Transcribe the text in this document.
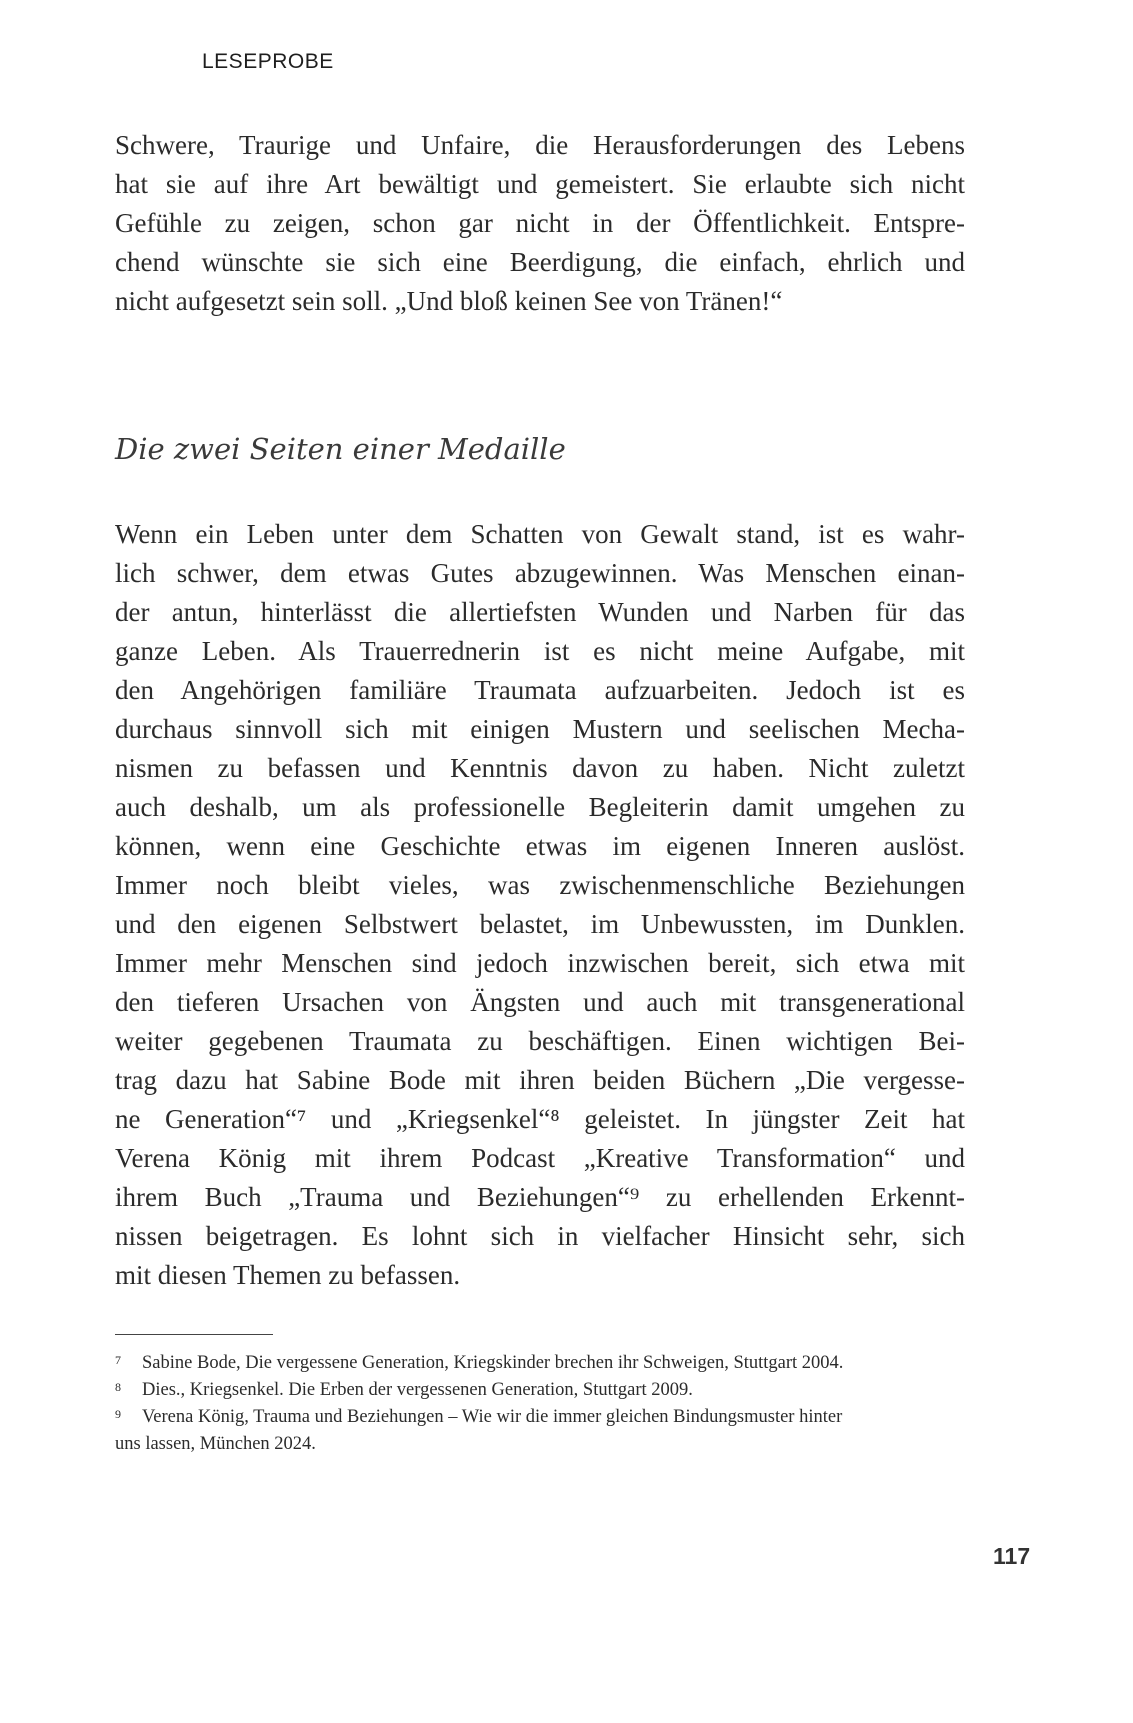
LESEPROBE
Schwere, Traurige und Unfaire, die Herausforderungen des Lebens
hat sie auf ihre Art bewältigt und gemeistert. Sie erlaubte sich nicht
Gefühle zu zeigen, schon gar nicht in der Öffentlichkeit. Entspre-
chend wünschte sie sich eine Beerdigung, die einfach, ehrlich und
nicht aufgesetzt sein soll. „Und bloß keinen See von Tränen!“
Die zwei Seiten einer Medaille
Wenn ein Leben unter dem Schatten von Gewalt stand, ist es wahr-
lich schwer, dem etwas Gutes abzugewinnen. Was Menschen einan-
der antun, hinterlässt die allertiefsten Wunden und Narben für das
ganze Leben. Als Trauerrednerin ist es nicht meine Aufgabe, mit
den Angehörigen familiäre Traumata aufzuarbeiten. Jedoch ist es
durchaus sinnvoll sich mit einigen Mustern und seelischen Mecha-
nismen zu befassen und Kenntnis davon zu haben. Nicht zuletzt
auch deshalb, um als professionelle Begleiterin damit umgehen zu
können, wenn eine Geschichte etwas im eigenen Inneren auslöst.
Immer noch bleibt vieles, was zwischenmenschliche Beziehungen
und den eigenen Selbstwert belastet, im Unbewussten, im Dunklen.
Immer mehr Menschen sind jedoch inzwischen bereit, sich etwa mit
den tieferen Ursachen von Ängsten und auch mit transgenerational
weiter gegebenen Traumata zu beschäftigen. Einen wichtigen Bei-
trag dazu hat Sabine Bode mit ihren beiden Büchern „Die vergesse-
ne Generation“⁷ und „Kriegsenkel“⁸ geleistet. In jüngster Zeit hat
Verena König mit ihrem Podcast „Kreative Transformation“ und
ihrem Buch „Trauma und Beziehungen“⁹ zu erhellenden Erkennt-
nissen beigetragen. Es lohnt sich in vielfacher Hinsicht sehr, sich
mit diesen Themen zu befassen.
7 Sabine Bode, Die vergessene Generation, Kriegskinder brechen ihr Schweigen, Stuttgart 2004.
8 Dies., Kriegsenkel. Die Erben der vergessenen Generation, Stuttgart 2009.
9 Verena König, Trauma und Beziehungen – Wie wir die immer gleichen Bindungsmuster hinter
uns lassen, München 2024.
117
